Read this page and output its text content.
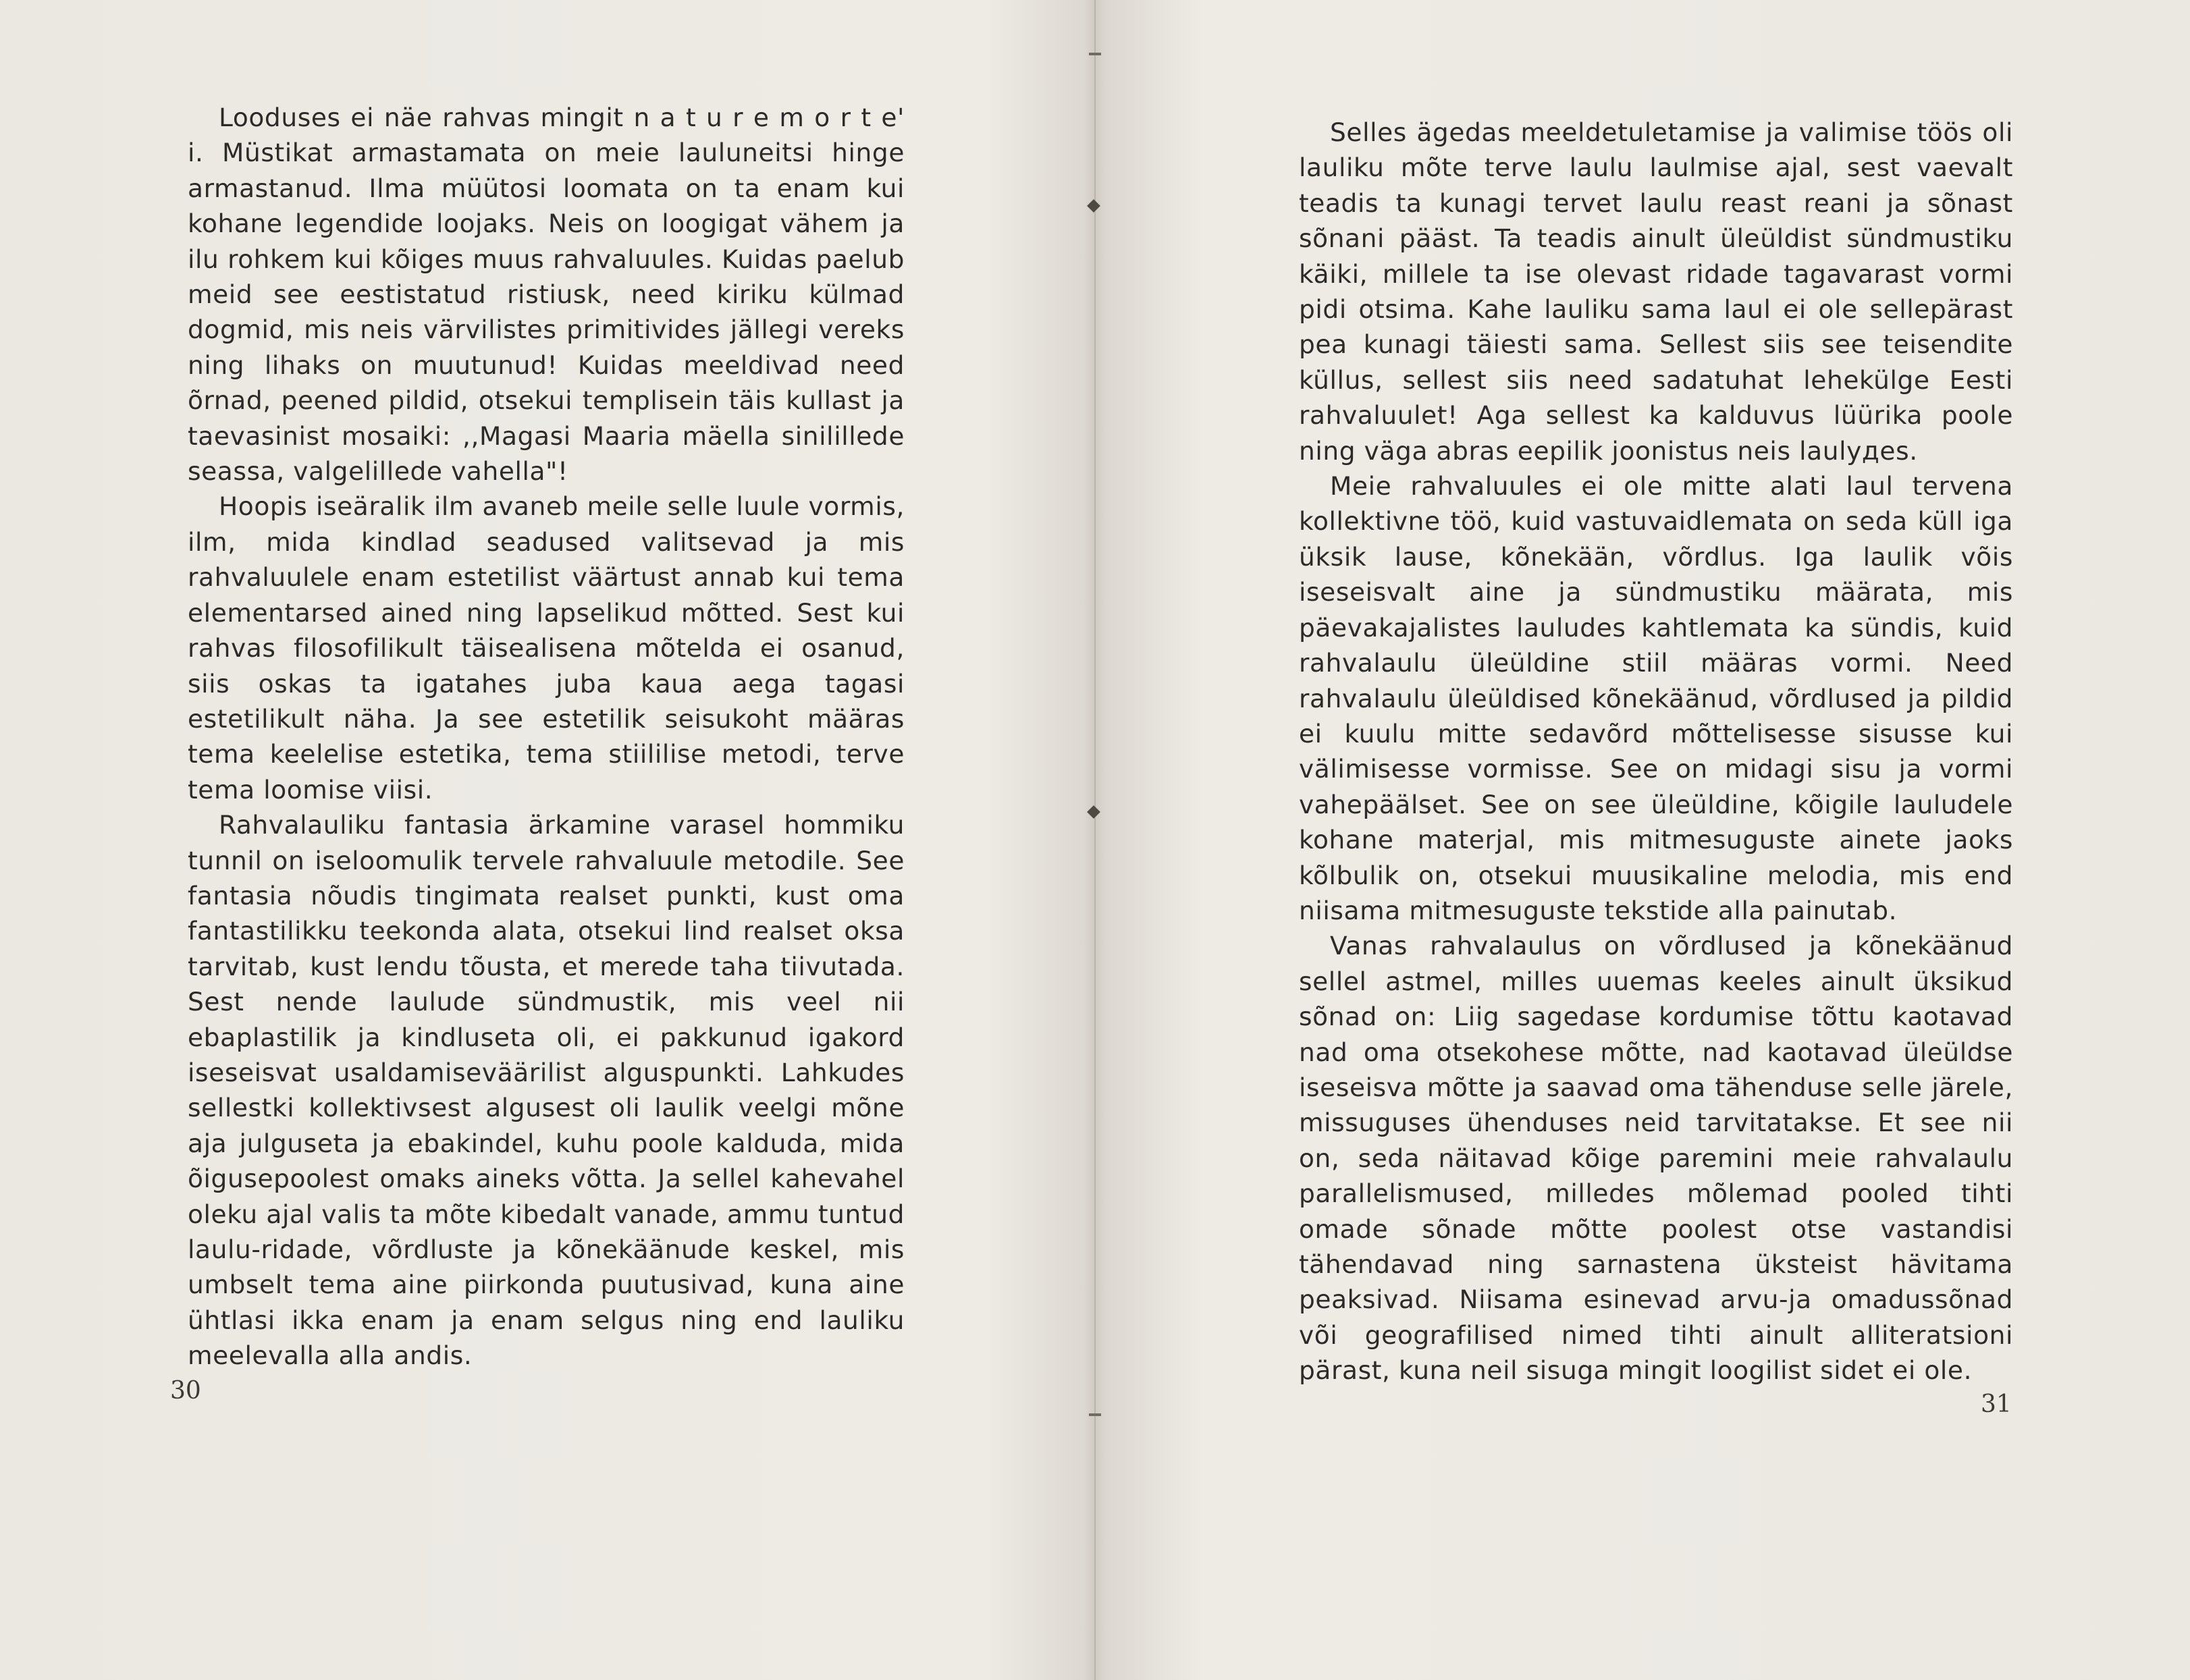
Looduses ei näe rahvas mingit n a t u r e m o r t e' i. Müstikat armastamata on meie lauluneitsi hinge armastanud. Ilma müütosi loomata on ta enam kui kohane legendide loojaks. Neis on loogigat vähem ja ilu rohkem kui kõiges muus rahvaluules. Kuidas paelub meid see eestistatud ristiusk, need kiriku külmad dogmid, mis neis värvilistes primitivides jällegi vereks ning lihaks on muutunud! Kuidas meeldivad need õrnad, peened pildid, otsekui templisein täis kullast ja taevasinist mosaiki: ,,Magasi Maaria mäella sinilillede seassa, valgelillede vahella"!

Hoopis iseäralik ilm avaneb meile selle luule vormis, ilm, mida kindlad seadused valitsevad ja mis rahvaluulele enam estetilist väärtust annab kui tema elementarsed ained ning lapselikud mõtted. Sest kui rahvas filosofilikult täisealisena mõtelda ei osanud, siis oskas ta igatahes juba kaua aega tagasi estetilikult näha. Ja see estetilik seisukoht määras tema keelelise estetika, tema stiililise metodi, terve tema loomise viisi.

Rahvalauliku fantasia ärkamine varasel hommiku tunnil on iseloomulik tervele rahvaluule metodile. See fantasia nõudis tingimata realset punkti, kust oma fantastilikku teekonda alata, otsekui lind realset oksa tarvitab, kust lendu tõusta, et merede taha tiivutada. Sest nende laulude sündmustik, mis veel nii ebaplastilik ja kindluseta oli, ei pakkunud igakord iseseisvat usaldamiseväärilist alguspunkti. Lahkudes sellestki kollektivsest algusest oli laulik veelgi mõne aja julguseta ja ebakindel, kuhu poole kalduda, mida õigusepoolest omaks aineks võtta. Ja sellel kahevahel oleku ajal valis ta mõte kibedalt vanade, ammu tuntud laulu-ridade, võrdluste ja kõnekäänude keskel, mis umbselt tema aine piirkonda puutusivad, kuna aine ühtlasi ikka enam ja enam selgus ning end lauliku meelevalla alla andis.

30

Selles ägedas meeldetuletamise ja valimise töös oli lauliku mõte terve laulu laulmise ajal, sest vaevalt teadis ta kunagi tervet laulu reast reani ja sõnast sõnani pääst. Ta teadis ainult üleüldist sündmustiku käiki, millele ta ise olevast ridade tagavarast vormi pidi otsima. Kahe lauliku sama laul ei ole sellepärast pea kunagi täiesti sama. Sellest siis see teisendite küllus, sellest siis need sadatuhat lehekülge Eesti rahvaluulet! Aga sellest ka kalduvus lüürika poole ning väga abras eepilik joonistus neis laulудes.

Meie rahvaluules ei ole mitte alati laul tervena kollektivne töö, kuid vastuvaidlemata on seda küll iga üksik lause, kõnekään, võrdlus. Iga laulik võis iseseisvalt aine ja sündmustiku määrata, mis päevakajalistes lauludes kahtlemata ka sündis, kuid rahvalaulu üleüldine stiil määras vormi. Need rahvalaulu üleüldised kõnekäänud, võrdlused ja pildid ei kuulu mitte sedavõrd mõttelisesse sisusse kui välimisesse vormisse. See on midagi sisu ja vormi vahepäälset. See on see üleüldine, kõigile lauludele kohane materjal, mis mitmesuguste ainete jaoks kõlbulik on, otsekui muusikaline melodia, mis end niisama mitmesuguste tekstide alla painutab.

Vanas rahvalaulus on võrdlused ja kõnekäänud sellel astmel, milles uuemas keeles ainult üksikud sõnad on: Liig sagedase kordumise tõttu kaotavad nad oma otsekohese mõtte, nad kaotavad üleüldse iseseisva mõtte ja saavad oma tähenduse selle järele, missuguses ühenduses neid tarvitatakse. Et see nii on, seda näitavad kõige paremini meie rahvalaulu parallelismused, milledes mõlemad pooled tihti omade sõnade mõtte poolest otse vastandisi tähendavad ning sarnastena üksteist hävitama peaksivad. Niisama esinevad arvu-ja omadussõnad või geografilised nimed tihti ainult alliteratsioni pärast, kuna neil sisuga mingit loogilist sidet ei ole.

31
